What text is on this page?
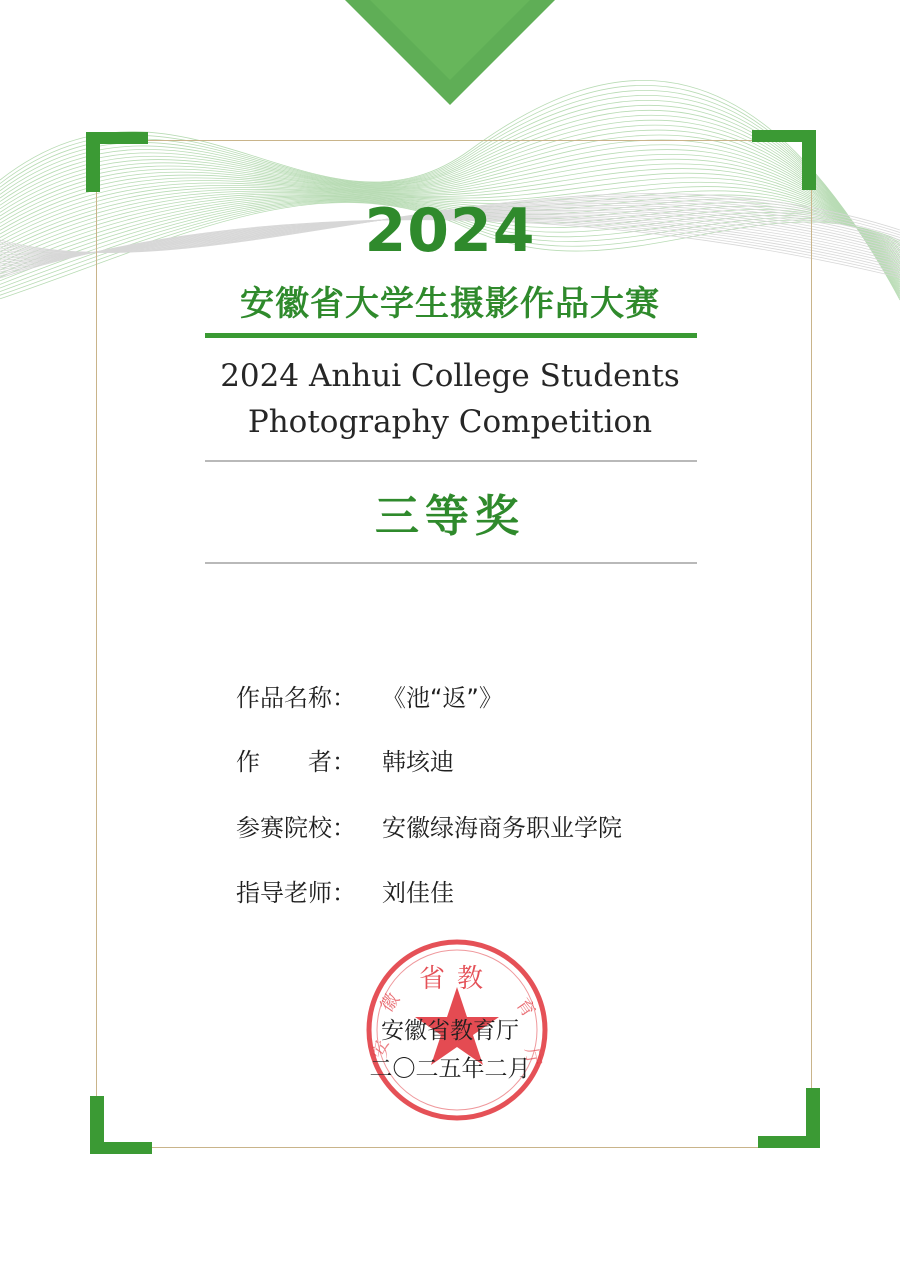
2024
安徽省大学生摄影作品大赛
2024 Anhui College Students
Photography Competition
三等奖
作品名称： 《池“返”》
作　　者： 韩垓迪
参赛院校： 安徽绿海商务职业学院
指导老师： 刘佳佳
省教
徽	育
安	厅
安徽省教育厅
二〇二五年二月
